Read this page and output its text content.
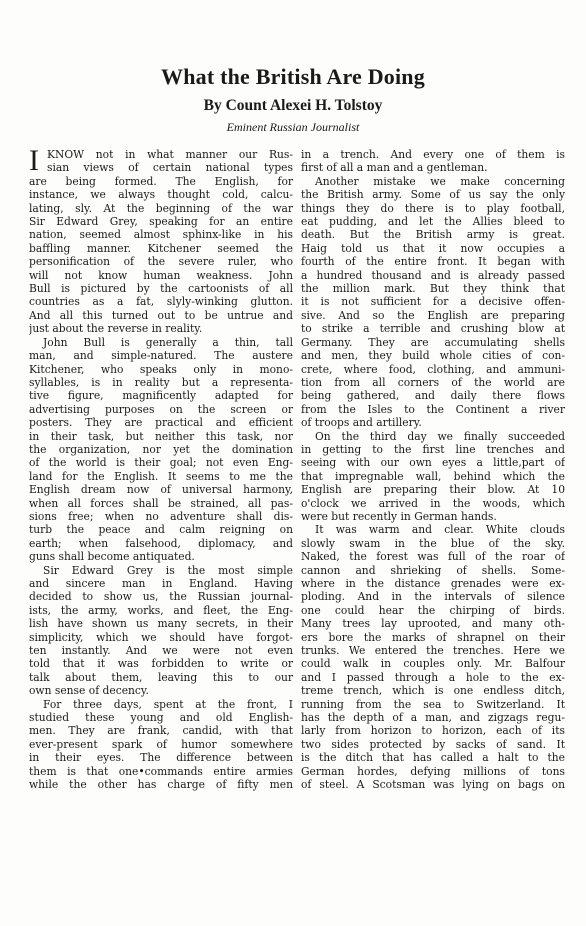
What the British Are Doing
By Count Alexei H. Tolstoy
Eminent Russian Journalist
I KNOW not in what manner our Rus-
sian views of certain national types
are being formed. The English, for
instance, we always thought cold, calcu-
lating, sly. At the beginning of the war
Sir Edward Grey, speaking for an entire
nation, seemed almost sphinx-like in his
baffling manner. Kitchener seemed the
personification of the severe ruler, who
will not know human weakness. John
Bull is pictured by the cartoonists of all
countries as a fat, slyly-winking glutton.
And all this turned out to be untrue and
just about the reverse in reality.
John Bull is generally a thin, tall
man, and simple-natured. The austere
Kitchener, who speaks only in mono-
syllables, is in reality but a representa-
tive figure, magnificently adapted for
advertising purposes on the screen or
posters. They are practical and efficient
in their task, but neither this task, nor
the organization, nor yet the domination
of the world is their goal; not even Eng-
land for the English. It seems to me the
English dream now of universal harmony,
when all forces shall be strained, all pas-
sions free; when no adventure shall dis-
turb the peace and calm reigning on
earth; when falsehood, diplomacy, and
guns shall become antiquated.
Sir Edward Grey is the most simple
and sincere man in England. Having
decided to show us, the Russian journal-
ists, the army, works, and fleet, the Eng-
lish have shown us many secrets, in their
simplicity, which we should have forgot-
ten instantly. And we were not even
told that it was forbidden to write or
talk about them, leaving this to our
own sense of decency.
For three days, spent at the front, I
studied these young and old English-
men. They are frank, candid, with that
ever-present spark of humor somewhere
in their eyes. The difference between
them is that one•commands entire armies
while the other has charge of fifty men
in a trench. And every one of them is
first of all a man and a gentleman.
Another mistake we make concerning
the British army. Some of us say the only
things they do there is to play football,
eat pudding, and let the Allies bleed to
death. But the British army is great.
Haig told us that it now occupies a
fourth of the entire front. It began with
a hundred thousand and is already passed
the million mark. But they think that
it is not sufficient for a decisive offen-
sive. And so the English are preparing
to strike a terrible and crushing blow at
Germany. They are accumulating shells
and men, they build whole cities of con-
crete, where food, clothing, and ammuni-
tion from all corners of the world are
being gathered, and daily there flows
from the Isles to the Continent a river
of troops and artillery.
On the third day we finally succeeded
in getting to the first line trenches and
seeing with our own eyes a little,part of
that impregnable wall, behind which the
English are preparing their blow. At 10
o'clock we arrived in the woods, which
were but recently in German hands.
It was warm and clear. White clouds
slowly swam in the blue of the sky.
Naked, the forest was full of the roar of
cannon and shrieking of shells. Some-
where in the distance grenades were ex-
ploding. And in the intervals of silence
one could hear the chirping of birds.
Many trees lay uprooted, and many oth-
ers bore the marks of shrapnel on their
trunks. We entered the trenches. Here we
could walk in couples only. Mr. Balfour
and I passed through a hole to the ex-
treme trench, which is one endless ditch,
running from the sea to Switzerland. It
has the depth of a man, and zigzags regu-
larly from horizon to horizon, each of its
two sides protected by sacks of sand. It
is the ditch that has called a halt to the
German hordes, defying millions of tons
of steel. A Scotsman was lying on bags on
